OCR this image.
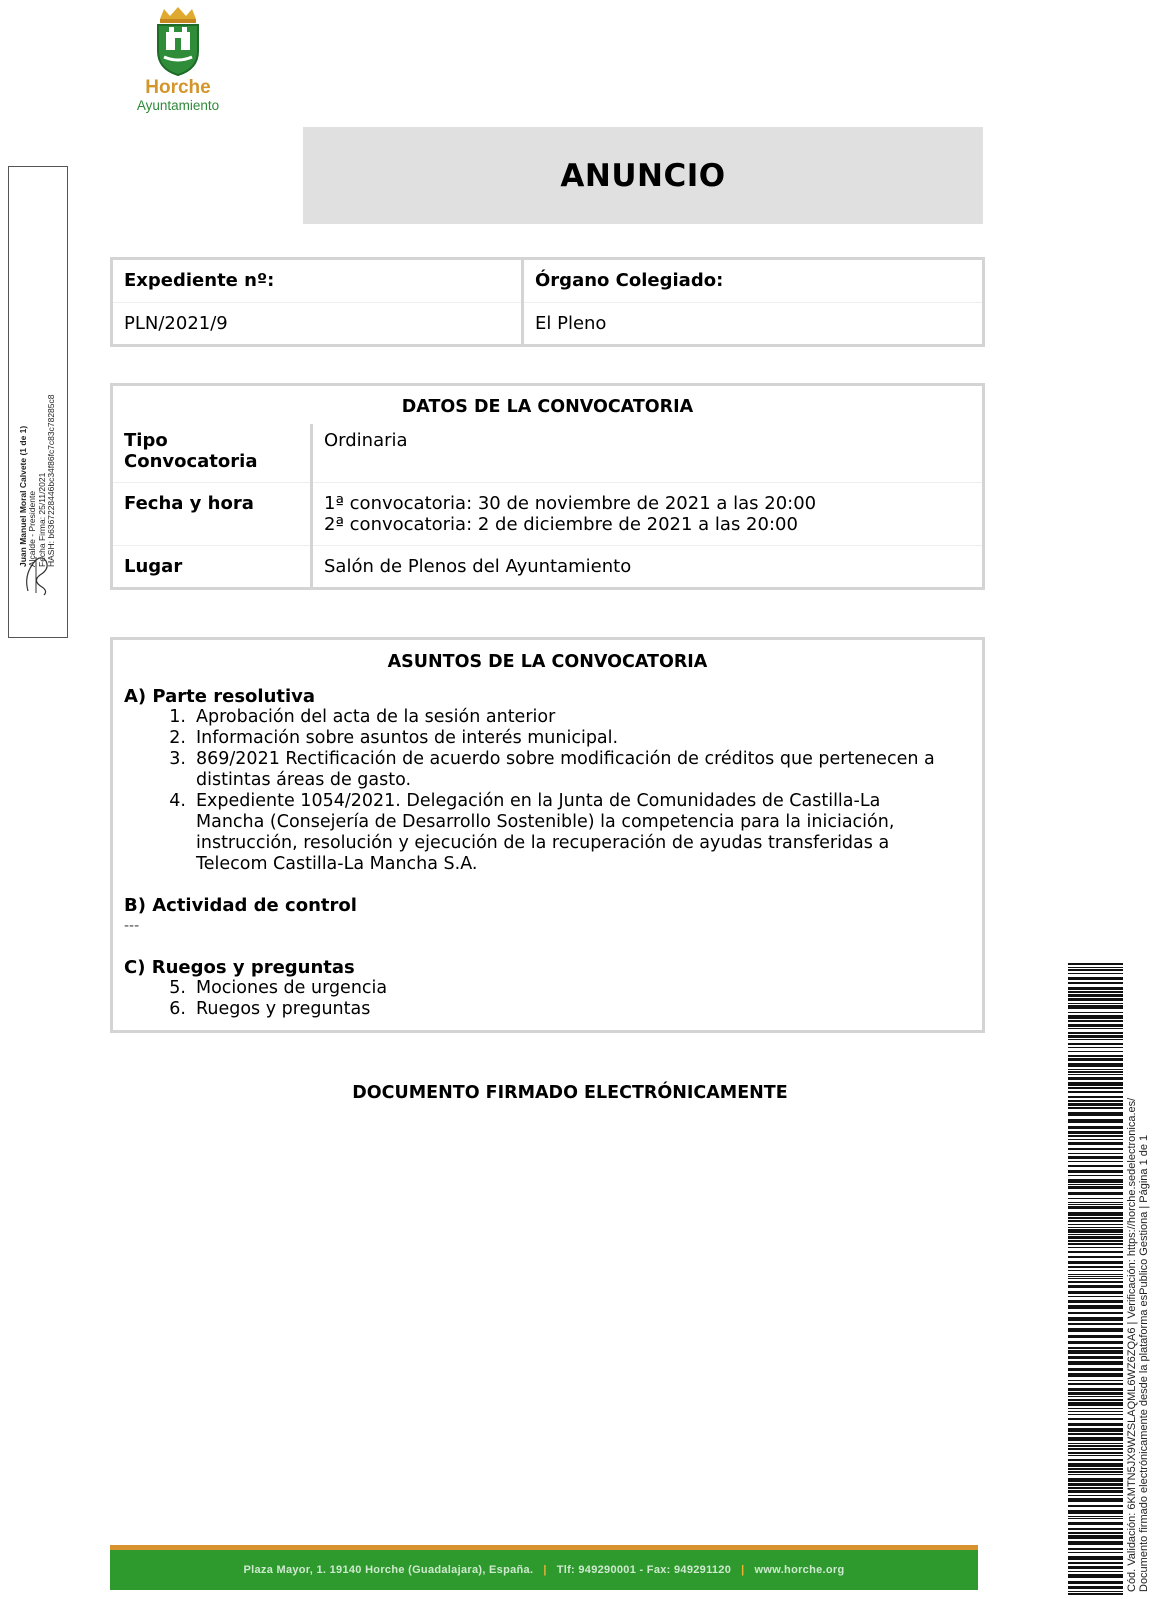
Horche
Ayuntamiento
ANUNCIO
Expediente nº:	Órgano Colegiado:
PLN/2021/9	El Pleno
DATOS DE LA CONVOCATORIA	

Tipo
Convocatoria	Ordinaria
Fecha y hora	1ª convocatoria: 30 de noviembre de 2021 a las 20:00
2ª convocatoria: 2 de diciembre de 2021 a las 20:00

Lugar	Salón de Plenos del Ayuntamiento
ASUNTOS DE LA CONVOCATORIA

A) Parte resolutiva
1. Aprobación del acta de la sesión anterior
2. Información sobre asuntos de interés municipal.
3. 869/2021 Rectificación de acuerdo sobre modificación de créditos que pertenecen a
distintas áreas de gasto.
4. Expediente 1054/2021. Delegación en la Junta de Comunidades de Castilla-La
Mancha (Consejería de Desarrollo Sostenible) la competencia para la iniciación,
instrucción, resolución y ejecución de la recuperación de ayudas transferidas a
Telecom Castilla-La Mancha S.A.

B) Actividad de control
---

C) Ruegos y preguntas
5. Mociones de urgencia
6. Ruegos y preguntas
DOCUMENTO FIRMADO ELECTRÓNICAMENTE
Juan Manuel Moral Calvete (1 de 1) Alcalde - Presidente Fecha Firma: 25/11/2021 HASH: b6367228446bc34f86fc7c83c78285c8
Cód. Validación: 6KMTN5JX9WZSLAQML6WZ6ZQA6 | Verificación: https://horche.sedelectronica.es/ Documento firmado electrónicamente desde la plataforma esPublico Gestiona | Página 1 de 1
Plaza Mayor, 1. 19140 Horche (Guadalajara), España. | Tlf: 949290001 - Fax: 949291120 | www.horche.org
